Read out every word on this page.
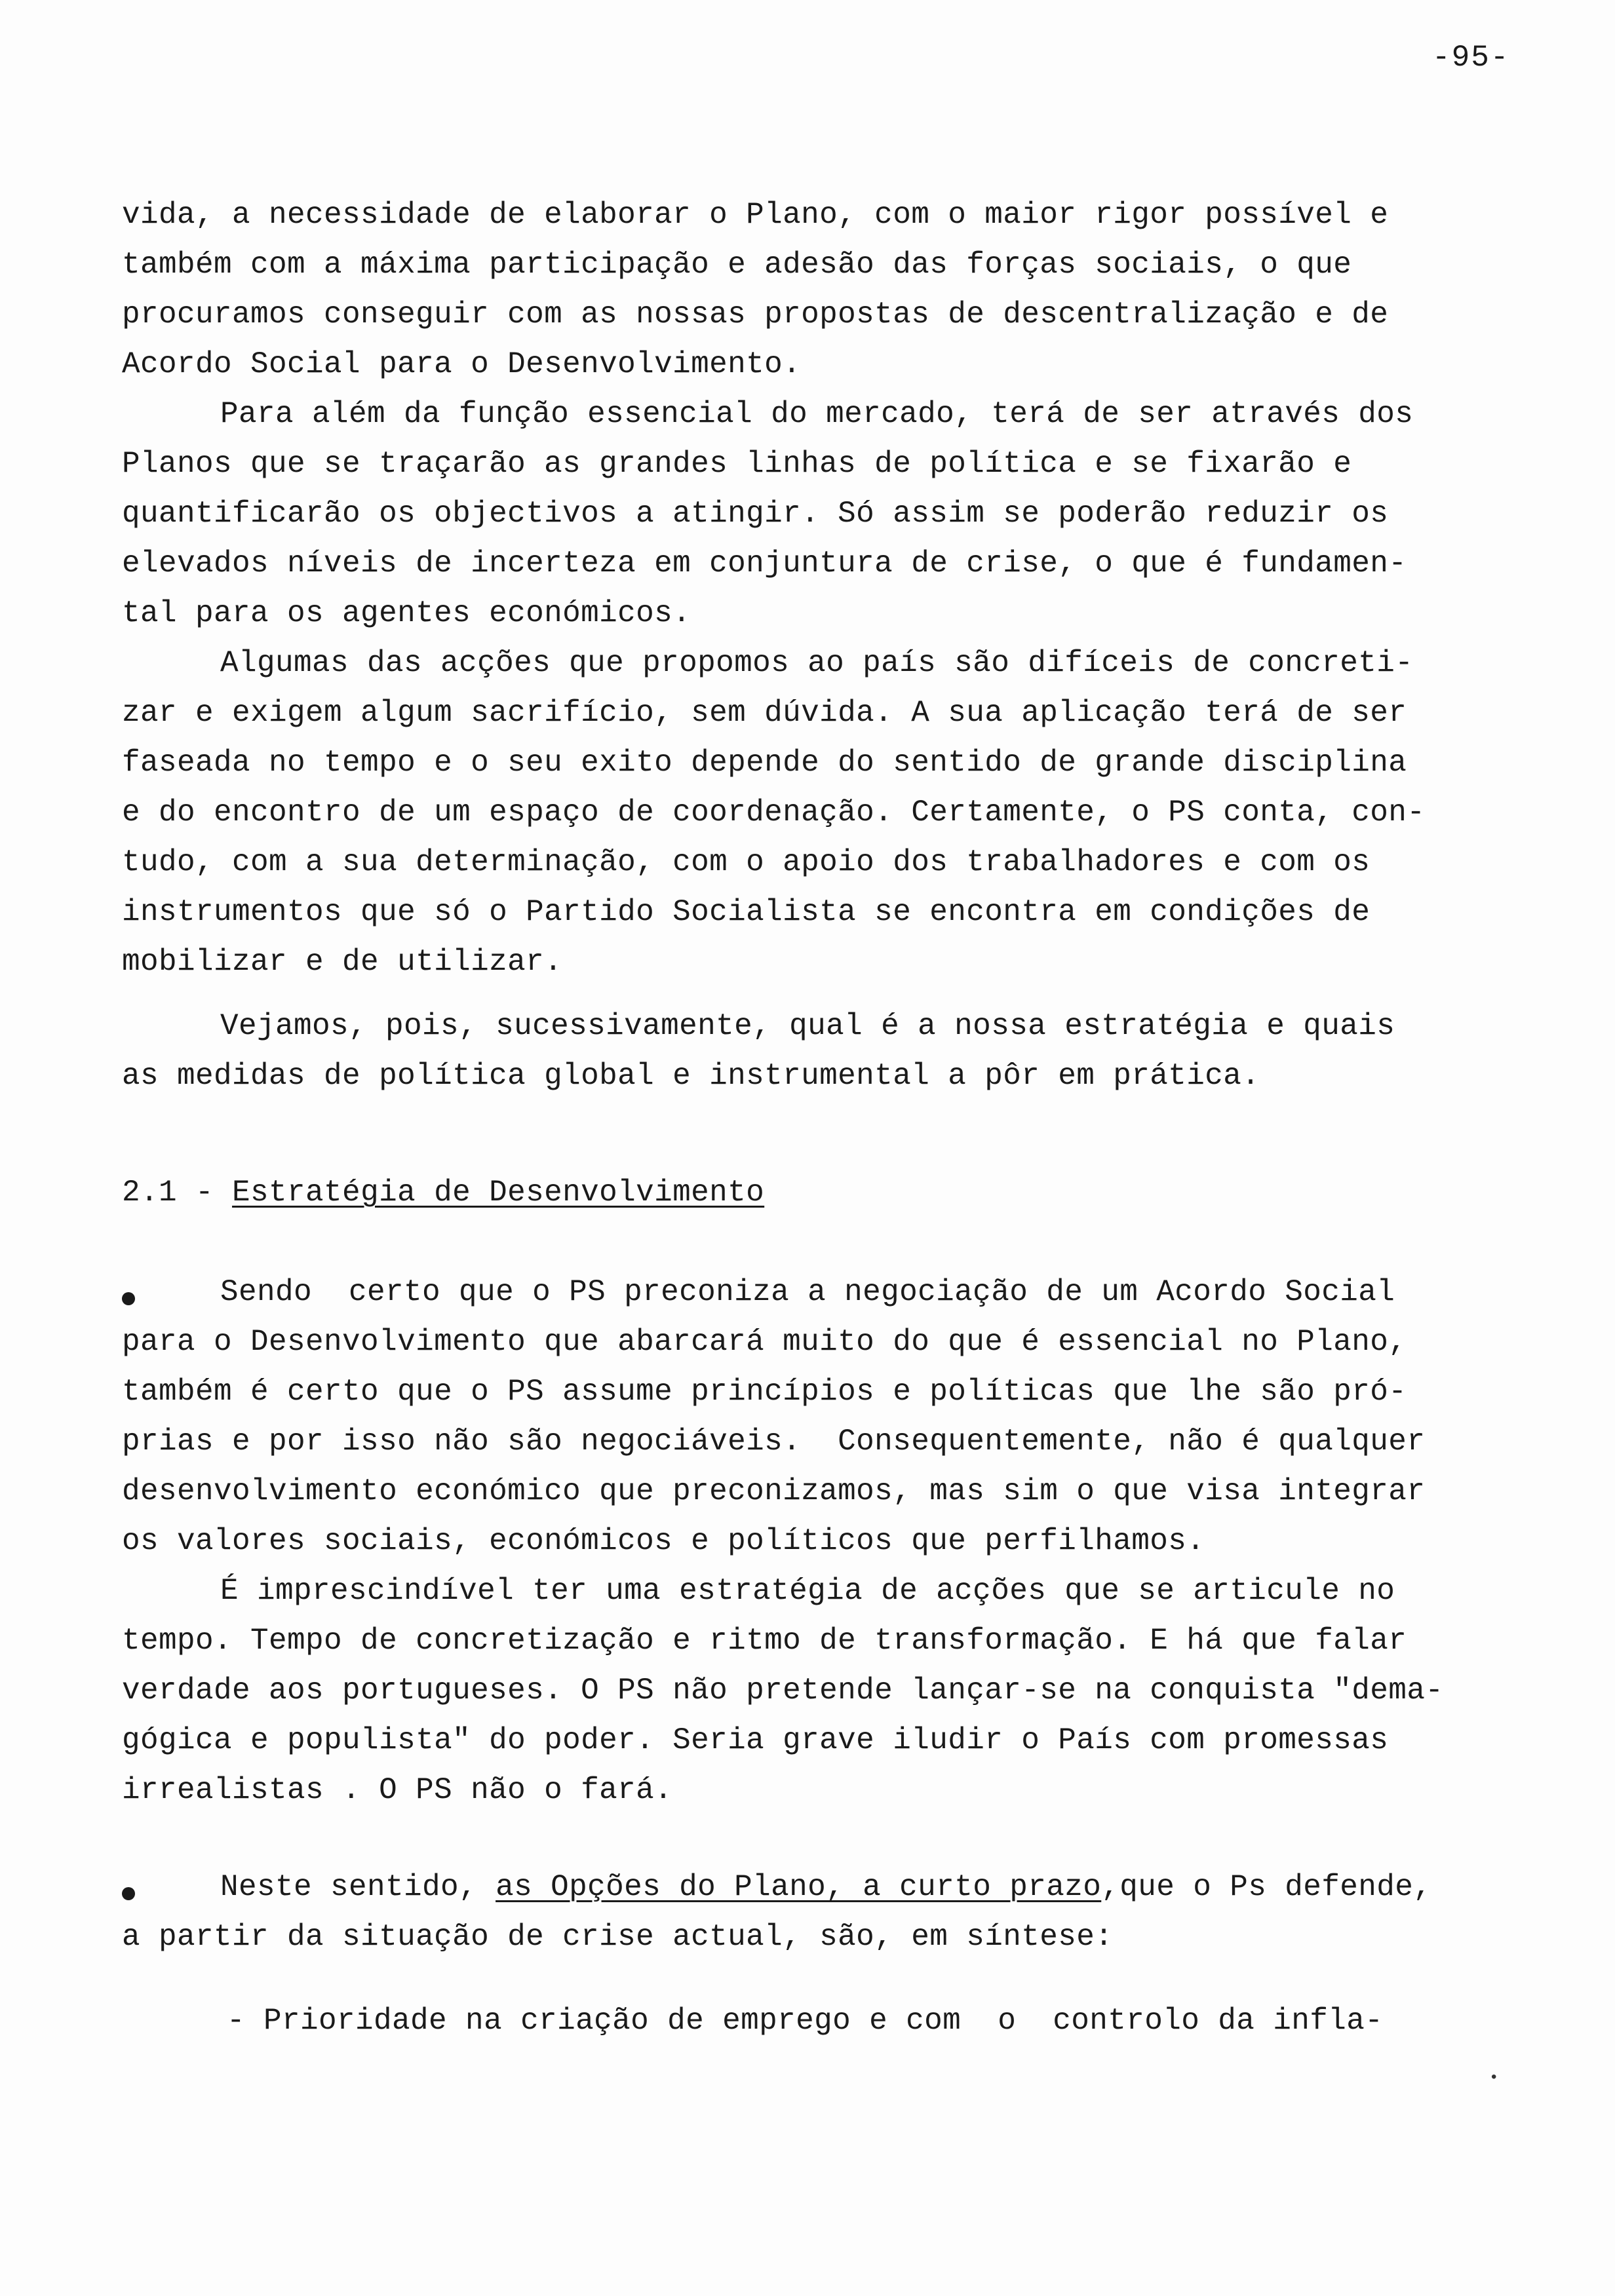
-95-
vida, a necessidade de elaborar o Plano, com o maior rigor possível e
também com a máxima participação e adesão das forças sociais, o que
procuramos conseguir com as nossas propostas de descentralização e de
Acordo Social para o Desenvolvimento.
Para além da função essencial do mercado, terá de ser através dos
Planos que se traçarão as grandes linhas de política e se fixarão e
quantificarão os objectivos a atingir. Só assim se poderão reduzir os
elevados níveis de incerteza em conjuntura de crise, o que é fundamen-
tal para os agentes económicos.
Algumas das acções que propomos ao país são difíceis de concreti-
zar e exigem algum sacrifício, sem dúvida. A sua aplicação terá de ser
faseada no tempo e o seu exito depende do sentido de grande disciplina
e do encontro de um espaço de coordenação. Certamente, o PS conta, con-
tudo, com a sua determinação, com o apoio dos trabalhadores e com os
instrumentos que só o Partido Socialista se encontra em condições de
mobilizar e de utilizar.
Vejamos, pois, sucessivamente, qual é a nossa estratégia e quais
as medidas de política global e instrumental a pôr em prática.
2.1 - Estratégia de Desenvolvimento
Sendo  certo que o PS preconiza a negociação de um Acordo Social
para o Desenvolvimento que abarcará muito do que é essencial no Plano,
também é certo que o PS assume princípios e políticas que lhe são pró-
prias e por isso não são negociáveis.  Consequentemente, não é qualquer
desenvolvimento económico que preconizamos, mas sim o que visa integrar
os valores sociais, económicos e políticos que perfilhamos.
É imprescindível ter uma estratégia de acções que se articule no
tempo. Tempo de concretização e ritmo de transformação. E há que falar
verdade aos portugueses. O PS não pretende lançar-se na conquista "dema-
gógica e populista" do poder. Seria grave iludir o País com promessas
irrealistas . O PS não o fará.
Neste sentido, as Opções do Plano, a curto prazo,que o Ps defende,
a partir da situação de crise actual, são, em síntese:
- Prioridade na criação de emprego e com  o  controlo da infla-
•
